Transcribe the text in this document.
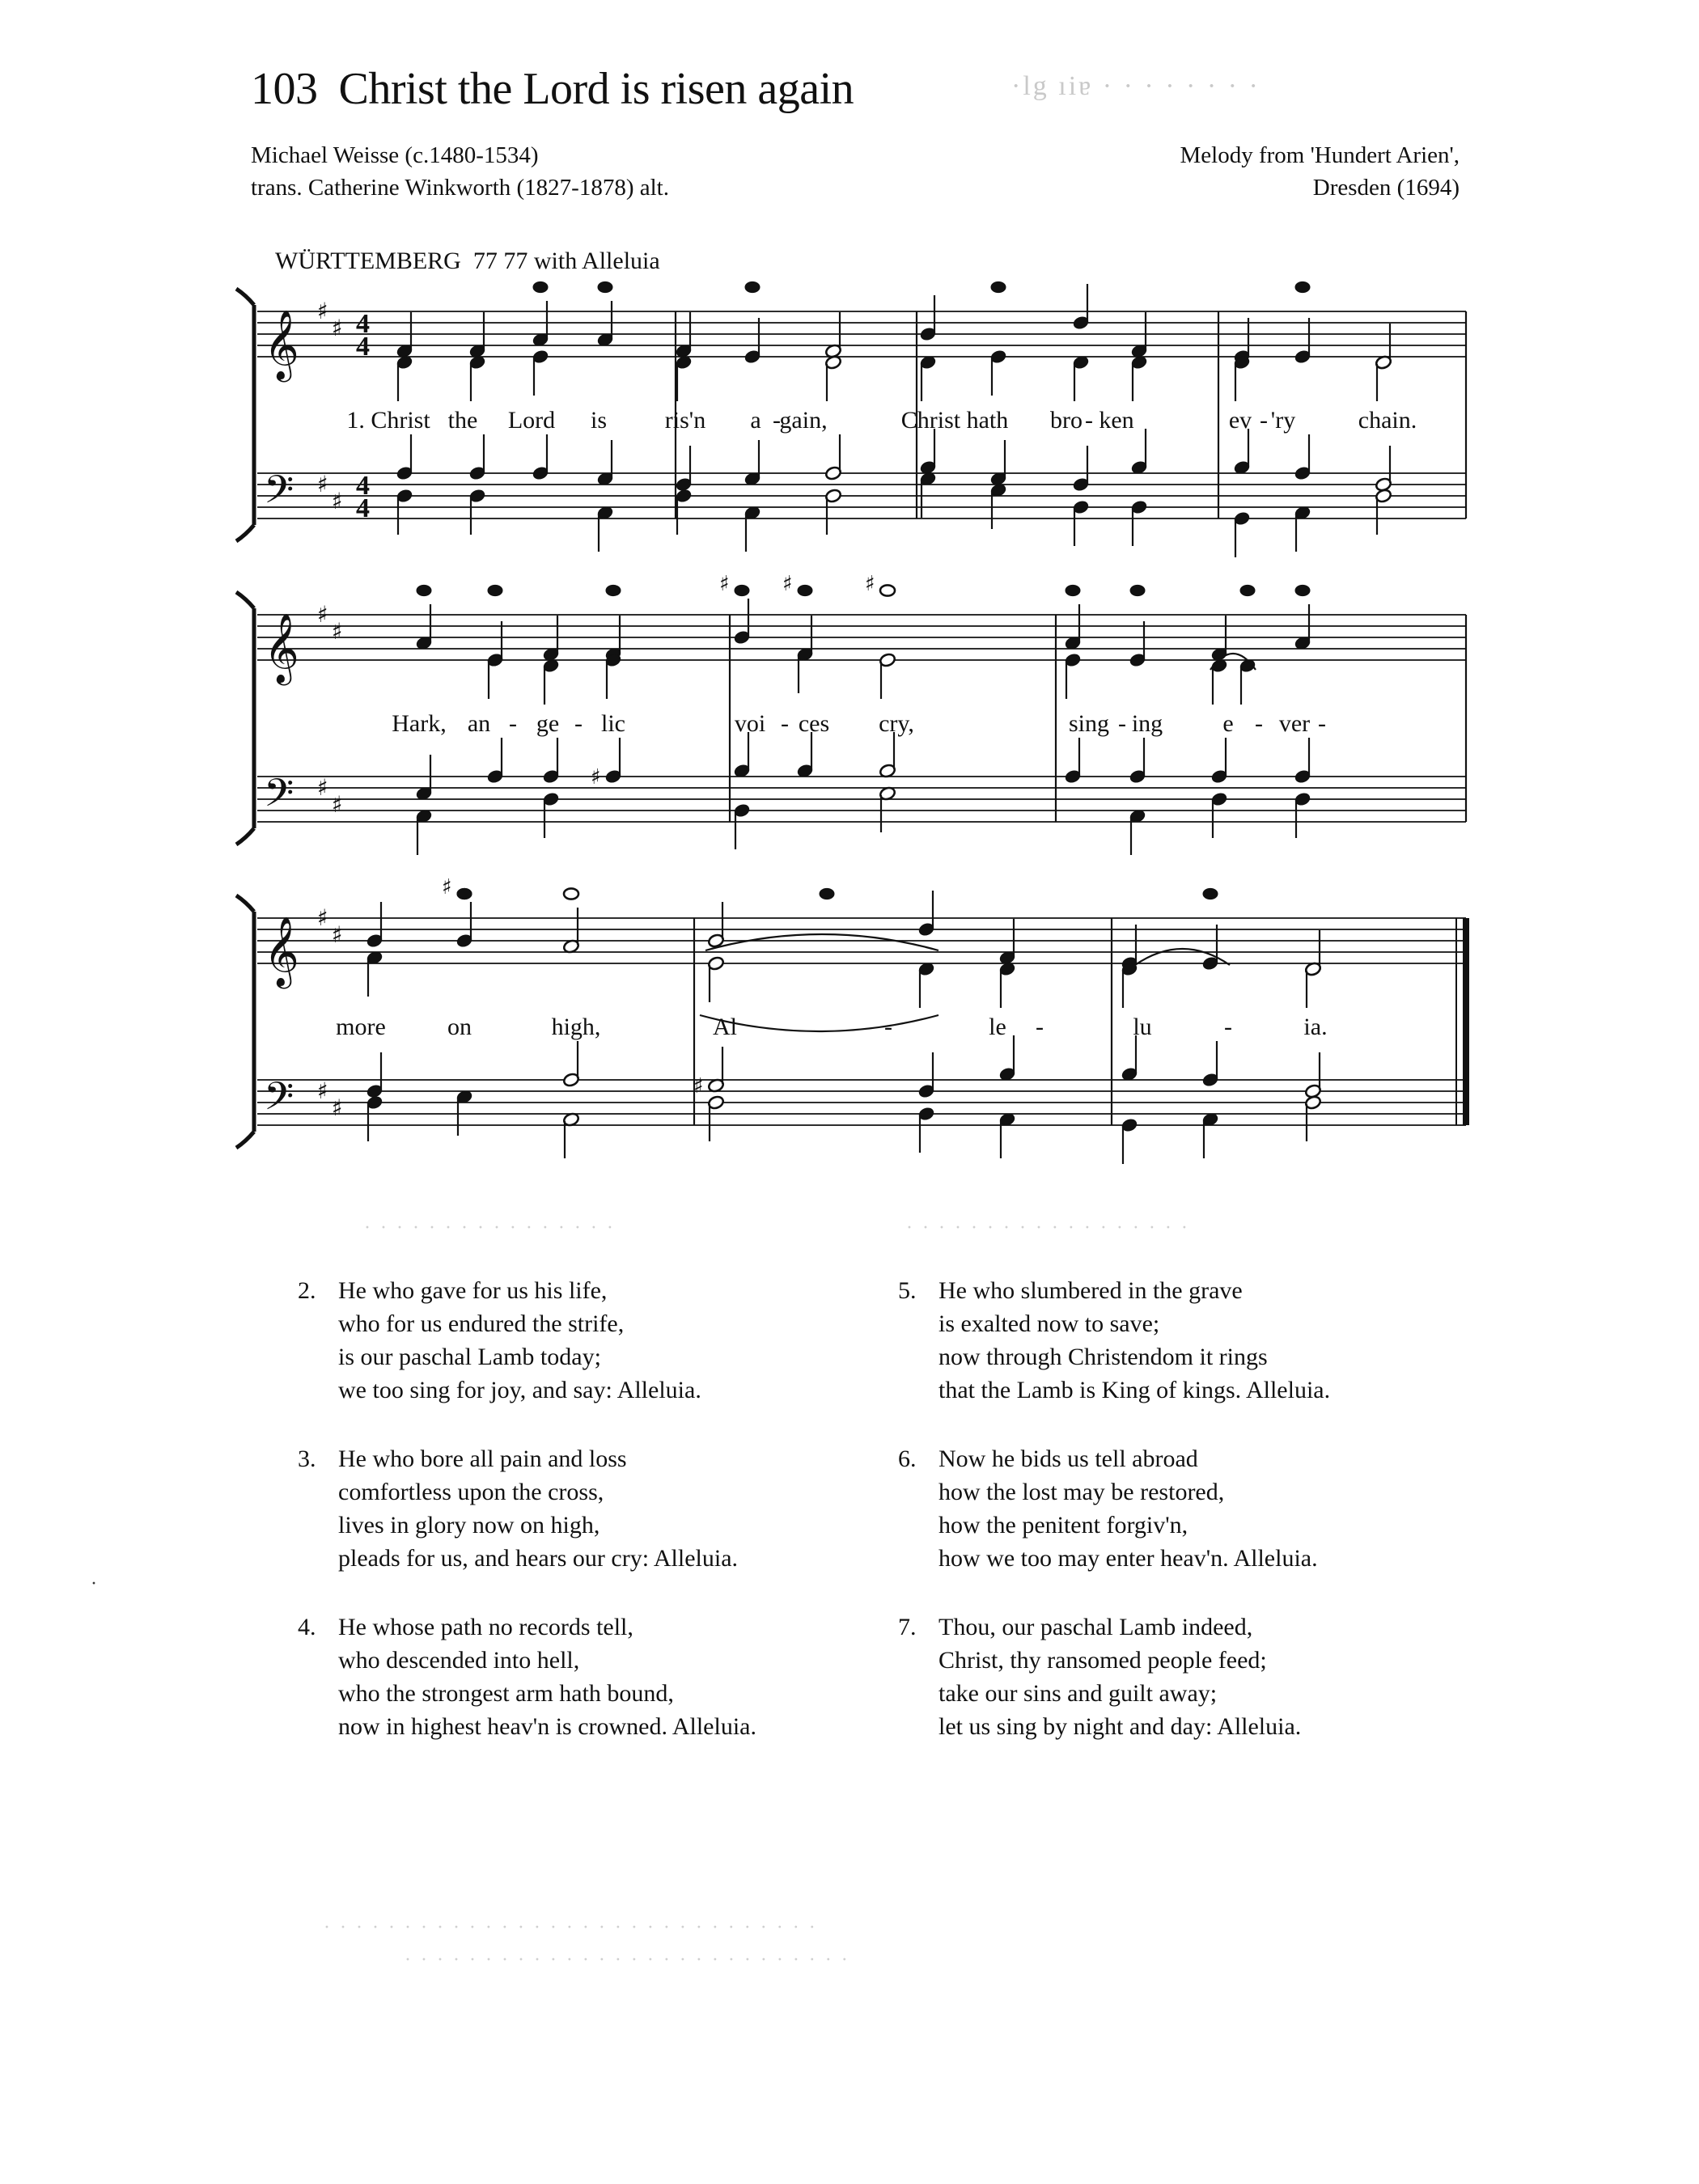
103 Christ the Lord is risen again	·lg ıiɐ · · · · · · · ·
Michael Weisse (c.1480-1534)
trans. Catherine Winkworth (1827-1878) alt.
Melody from 'Hundert Arien',
Dresden (1694)
WÜRTTEMBERG 77 77 with Alleluia
𝄞
𝄢
♯
♯
♯
♯
4
4
4
4
1. Christ the Lord is ris'n a -
gain,	Christ hath bro - ken	ev - 'ry	chain.
𝄞
𝄢
♯
♯
♯
♯
♯
♯	♯	♯
Hark, an - ge - lic	voi - ces cry,	sing - ing e - ver -
𝄞
𝄢
♯
♯
♯
♯
♯
♯
more	on	high,	Al	-	le -	lu	-	ia.
2. He who gave for us his life,
who for us endured the strife,
is our paschal Lamb today;
we too sing for joy, and say: Alleluia.
3. He who bore all pain and loss
comfortless upon the cross,
lives in glory now on high,
pleads for us, and hears our cry: Alleluia.
4. He whose path no records tell,
who descended into hell,
who the strongest arm hath bound,
now in highest heav'n is crowned. Alleluia.
5. He who slumbered in the grave
is exalted now to save;
now through Christendom it rings
that the Lamb is King of kings. Alleluia.
6. Now he bids us tell abroad
how the lost may be restored,
how the penitent forgiv'n,
how we too may enter heav'n. Alleluia.
7. Thou, our paschal Lamb indeed,
Christ, thy ransomed people feed;
take our sins and guilt away;
let us sing by night and day: Alleluia.
· · · · · · · · · · · · · · · ·	· · · · · · · · · · · · · · · · · ·
· · · · · · · · · · · · · · · · · · · · · · · · · · · · · · ·
· · · · · · · · · · · · · · · · · · · · · · · · · · · ·
·
